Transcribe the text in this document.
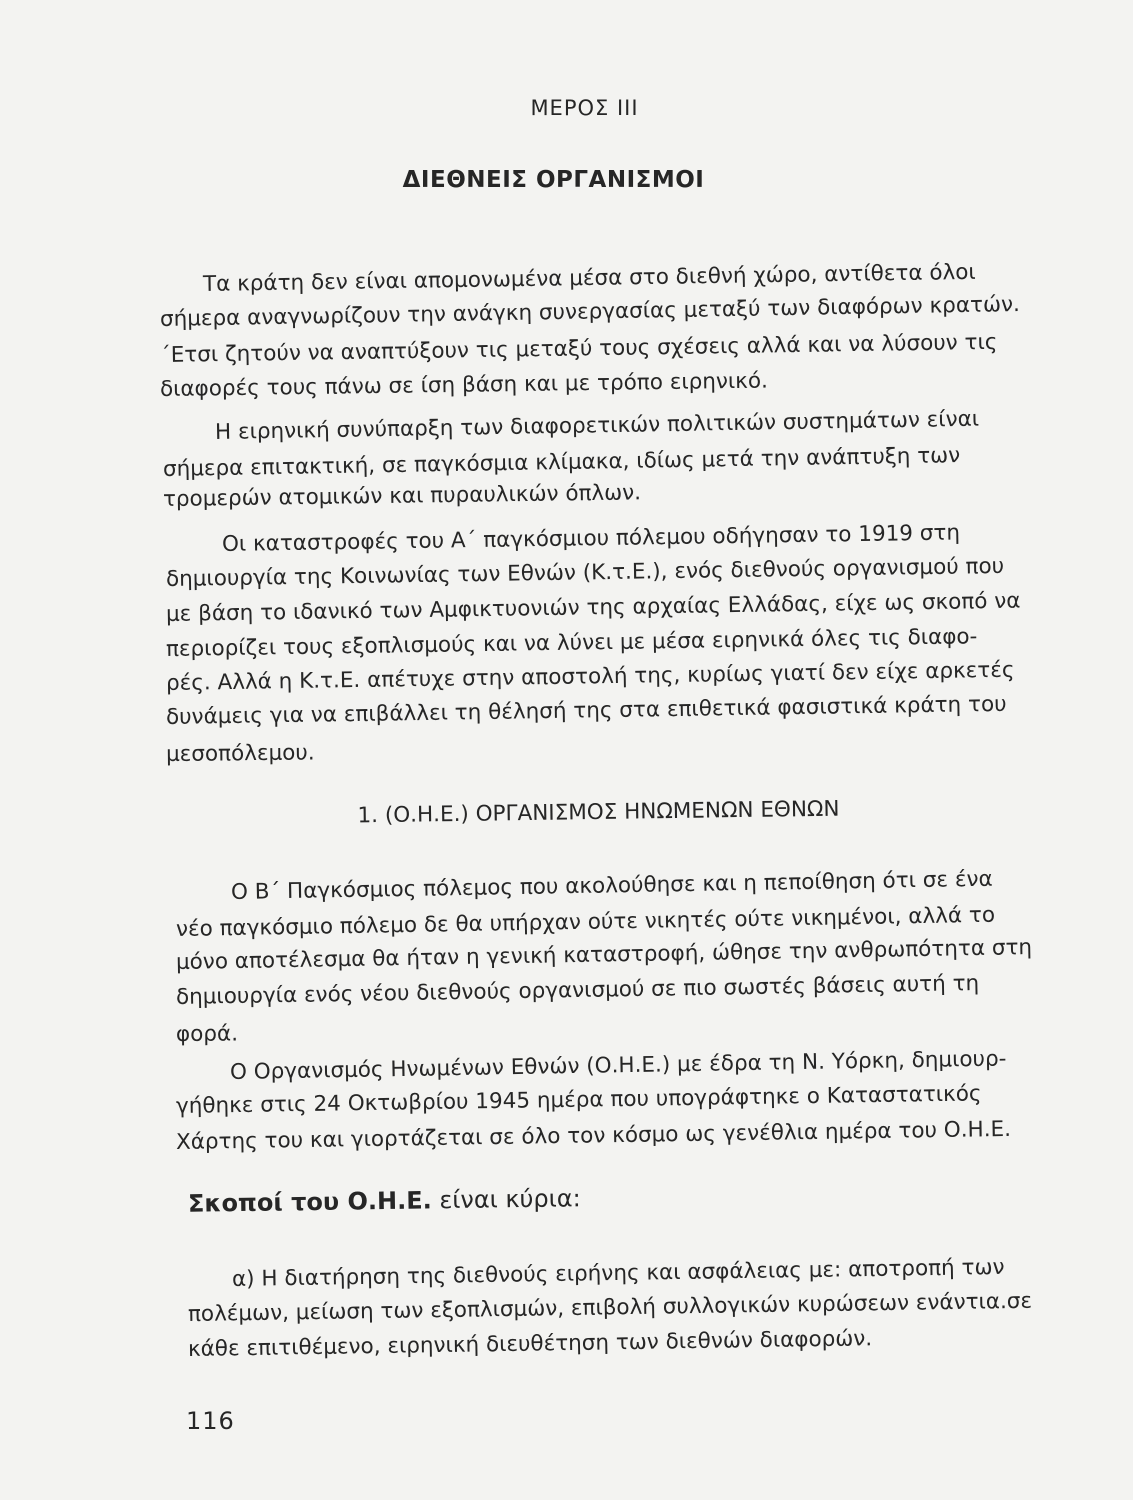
ΜΕΡΟΣ III
ΔΙΕΘΝΕΙΣ ΟΡΓΑΝΙΣΜΟΙ
Τα κράτη δεν είναι απομονωμένα μέσα στο διεθνή χώρο, αντίθετα όλοι
σήμερα αναγνωρίζουν την ανάγκη συνεργασίας μεταξύ των διαφόρων κρατών.
΄Ετσι ζητούν να αναπτύξουν τις μεταξύ τους σχέσεις αλλά και να λύσουν τις
διαφορές τους πάνω σε ίση βάση και με τρόπο ειρηνικό.
Η ειρηνική συνύπαρξη των διαφορετικών πολιτικών συστημάτων είναι
σήμερα επιτακτική, σε παγκόσμια κλίμακα, ιδίως μετά την ανάπτυξη των
τρομερών ατομικών και πυραυλικών όπλων.
Οι καταστροφές του Α΄ παγκόσμιου πόλεμου οδήγησαν το 1919 στη
δημιουργία της Κοινωνίας των Εθνών (Κ.τ.Ε.), ενός διεθνούς οργανισμού που
με βάση το ιδανικό των Αμφικτυονιών της αρχαίας Ελλάδας, είχε ως σκοπό να
περιορίζει τους εξοπλισμούς και να λύνει με μέσα ειρηνικά όλες τις διαφο-
ρές. Αλλά η Κ.τ.Ε. απέτυχε στην αποστολή της, κυρίως γιατί δεν είχε αρκετές
δυνάμεις για να επιβάλλει τη θέλησή της στα επιθετικά φασιστικά κράτη του
μεσοπόλεμου.
1. (Ο.Η.Ε.) ΟΡΓΑΝΙΣΜΟΣ ΗΝΩΜΕΝΩΝ ΕΘΝΩΝ
Ο Β΄ Παγκόσμιος πόλεμος που ακολούθησε και η πεποίθηση ότι σε ένα
νέο παγκόσμιο πόλεμο δε θα υπήρχαν ούτε νικητές ούτε νικημένοι, αλλά το
μόνο αποτέλεσμα θα ήταν η γενική καταστροφή, ώθησε την ανθρωπότητα στη
δημιουργία ενός νέου διεθνούς οργανισμού σε πιο σωστές βάσεις αυτή τη
φορά.
Ο Οργανισμός Ηνωμένων Εθνών (Ο.Η.Ε.) με έδρα τη Ν. Υόρκη, δημιουρ-
γήθηκε στις 24 Οκτωβρίου 1945 ημέρα που υπογράφτηκε ο Καταστατικός
Χάρτης του και γιορτάζεται σε όλο τον κόσμο ως γενέθλια ημέρα του Ο.Η.Ε.
Σκοποί του Ο.Η.Ε. είναι κύρια:
α) Η διατήρηση της διεθνούς ειρήνης και ασφάλειας με: αποτροπή των
πολέμων, μείωση των εξοπλισμών, επιβολή συλλογικών κυρώσεων ενάντια.σε
κάθε επιτιθέμενο, ειρηνική διευθέτηση των διεθνών διαφορών.
116
